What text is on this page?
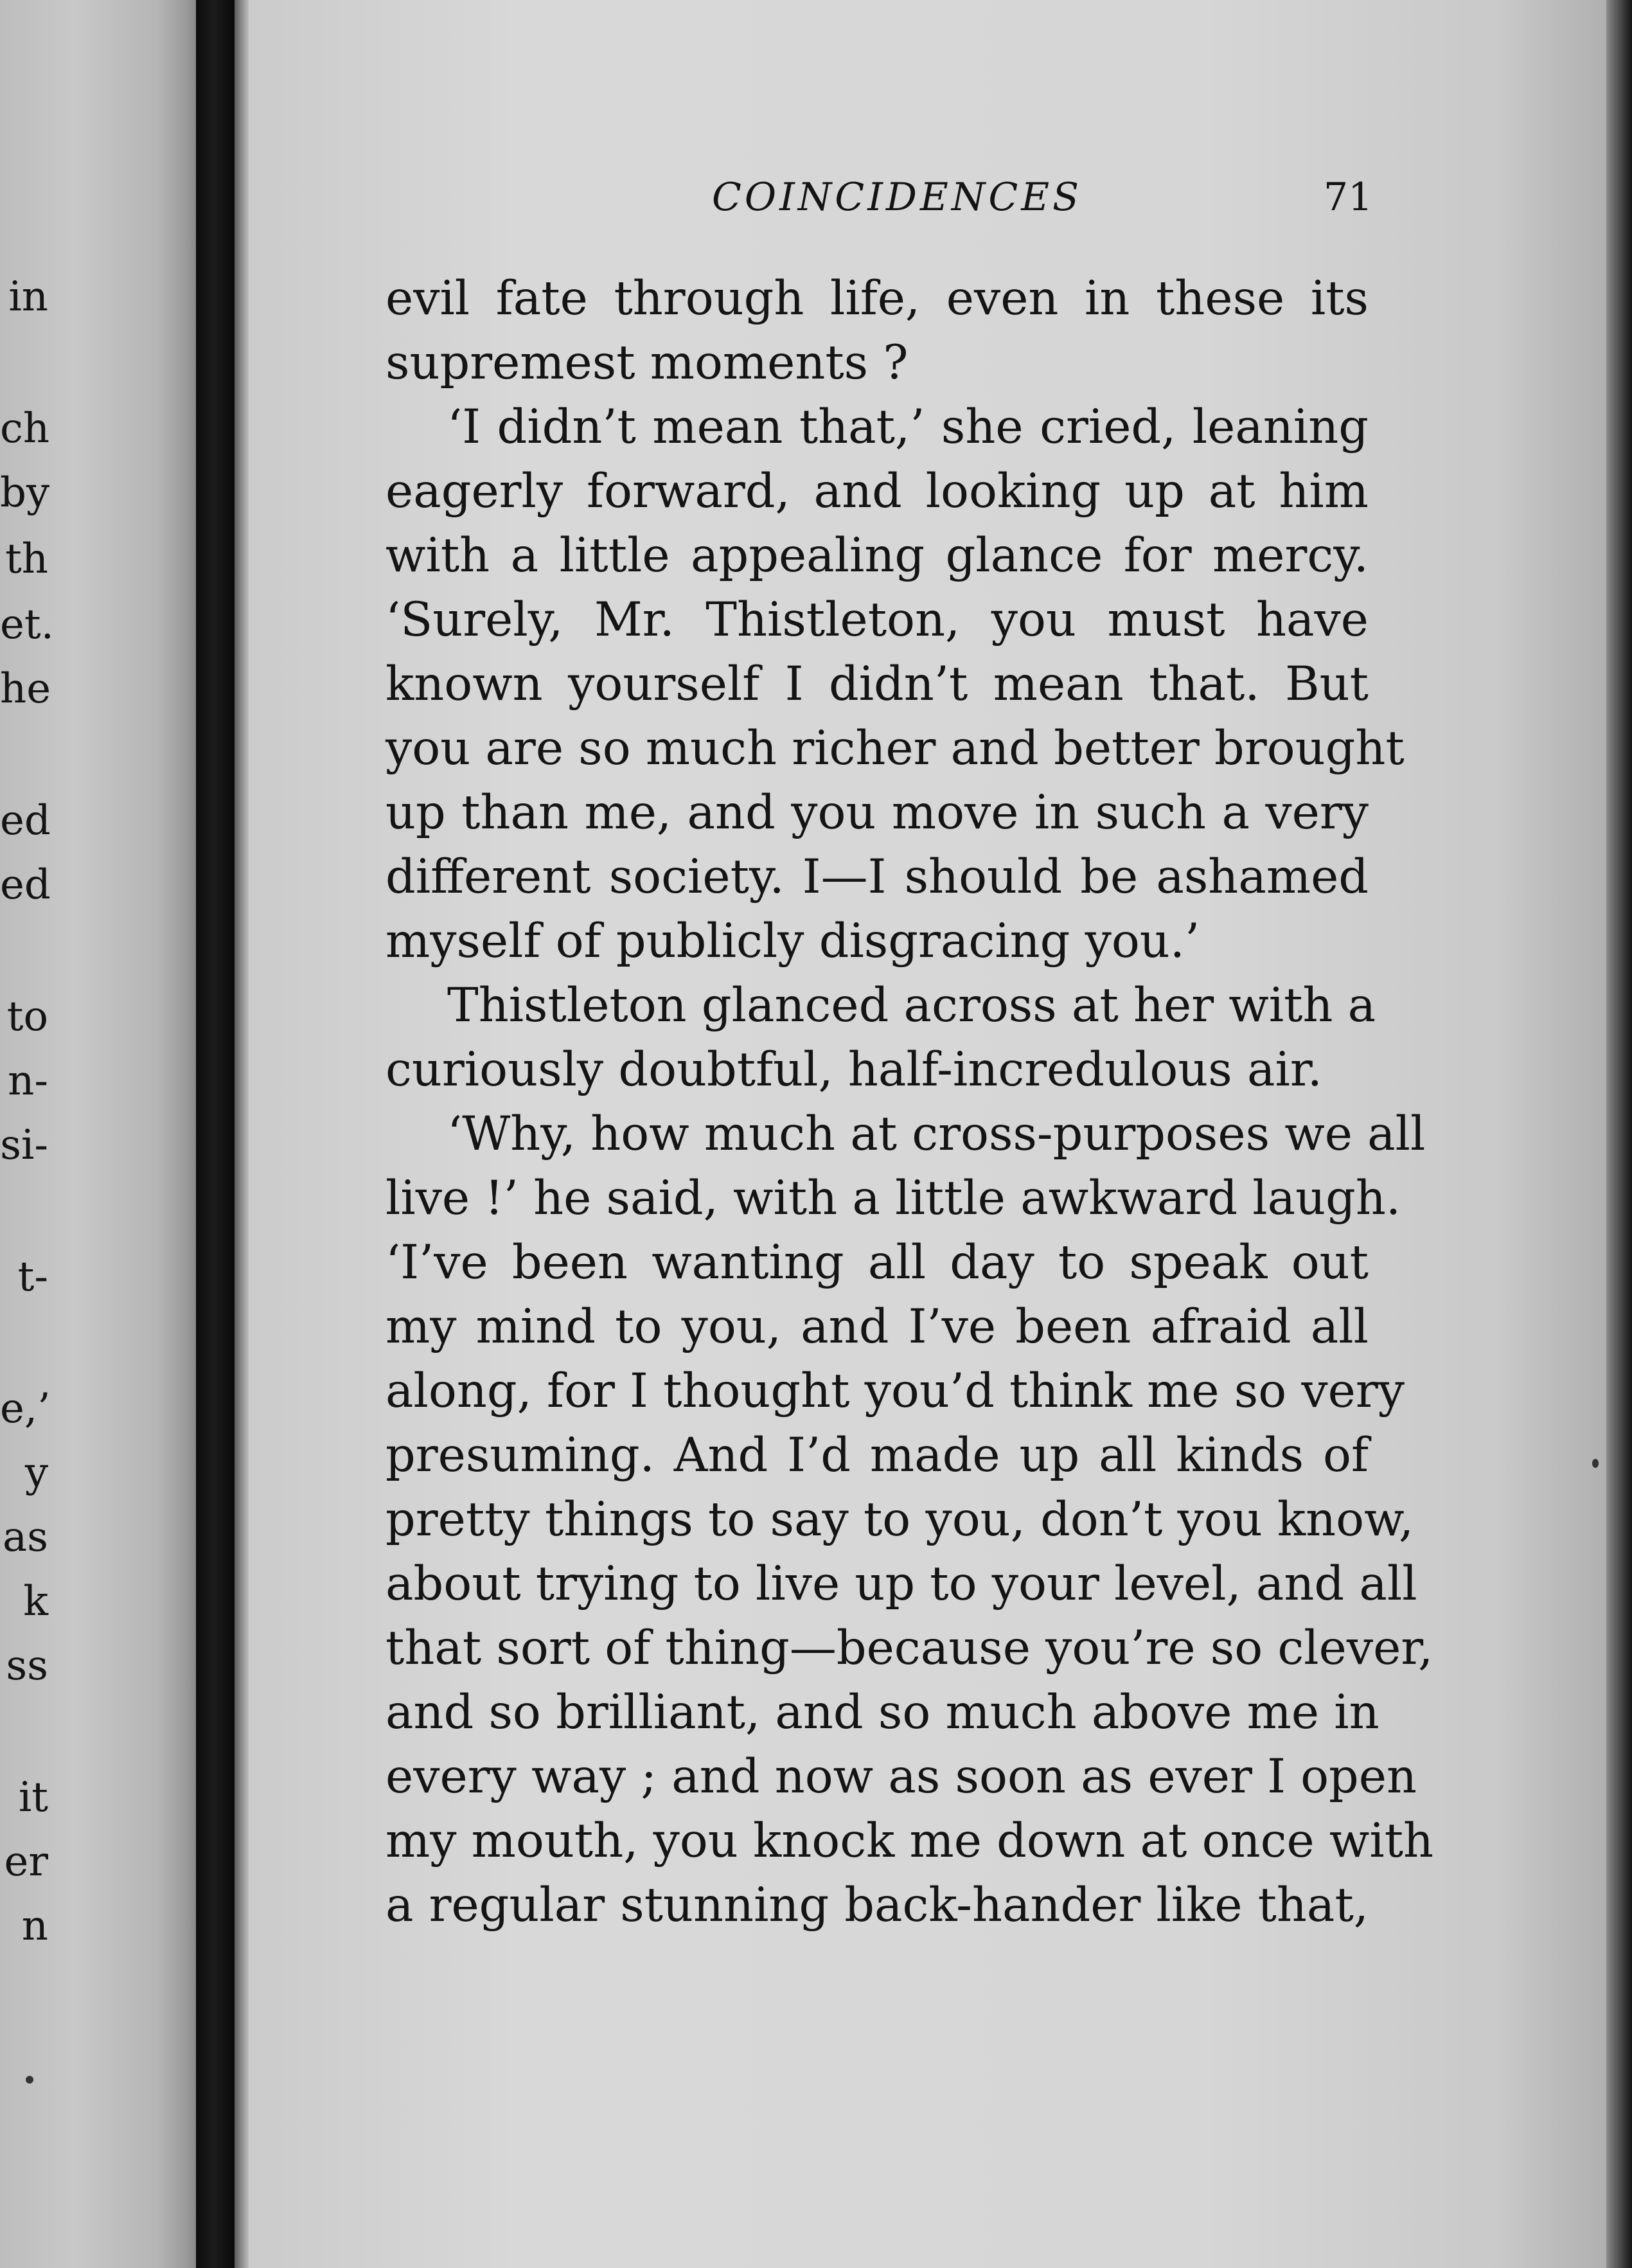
in
ch
by
th
et.
he
ed
ed
to
n-
si-
t-
e,’
y
as
k
ss
it
er
n
COINCIDENCES	71
evil fate through life, even in these its
supremest moments ?
‘I didn’t mean that,’ she cried, leaning
eagerly forward, and looking up at him
with a little appealing glance for mercy.
‘Surely, Mr. Thistleton, you must have
known yourself I didn’t mean that. But
you are so much richer and better brought
up than me, and you move in such a very
different society. I—I should be ashamed
myself of publicly disgracing you.’
Thistleton glanced across at her with a
curiously doubtful, half-incredulous air.
‘Why, how much at cross-purposes we all
live !’ he said, with a little awkward laugh.
‘I’ve been wanting all day to speak out
my mind to you, and I’ve been afraid all
along, for I thought you’d think me so very
presuming. And I’d made up all kinds of
pretty things to say to you, don’t you know,
about trying to live up to your level, and all
that sort of thing—because you’re so clever,
and so brilliant, and so much above me in
every way ; and now as soon as ever I open
my mouth, you knock me down at once with
a regular stunning back-hander like that,
